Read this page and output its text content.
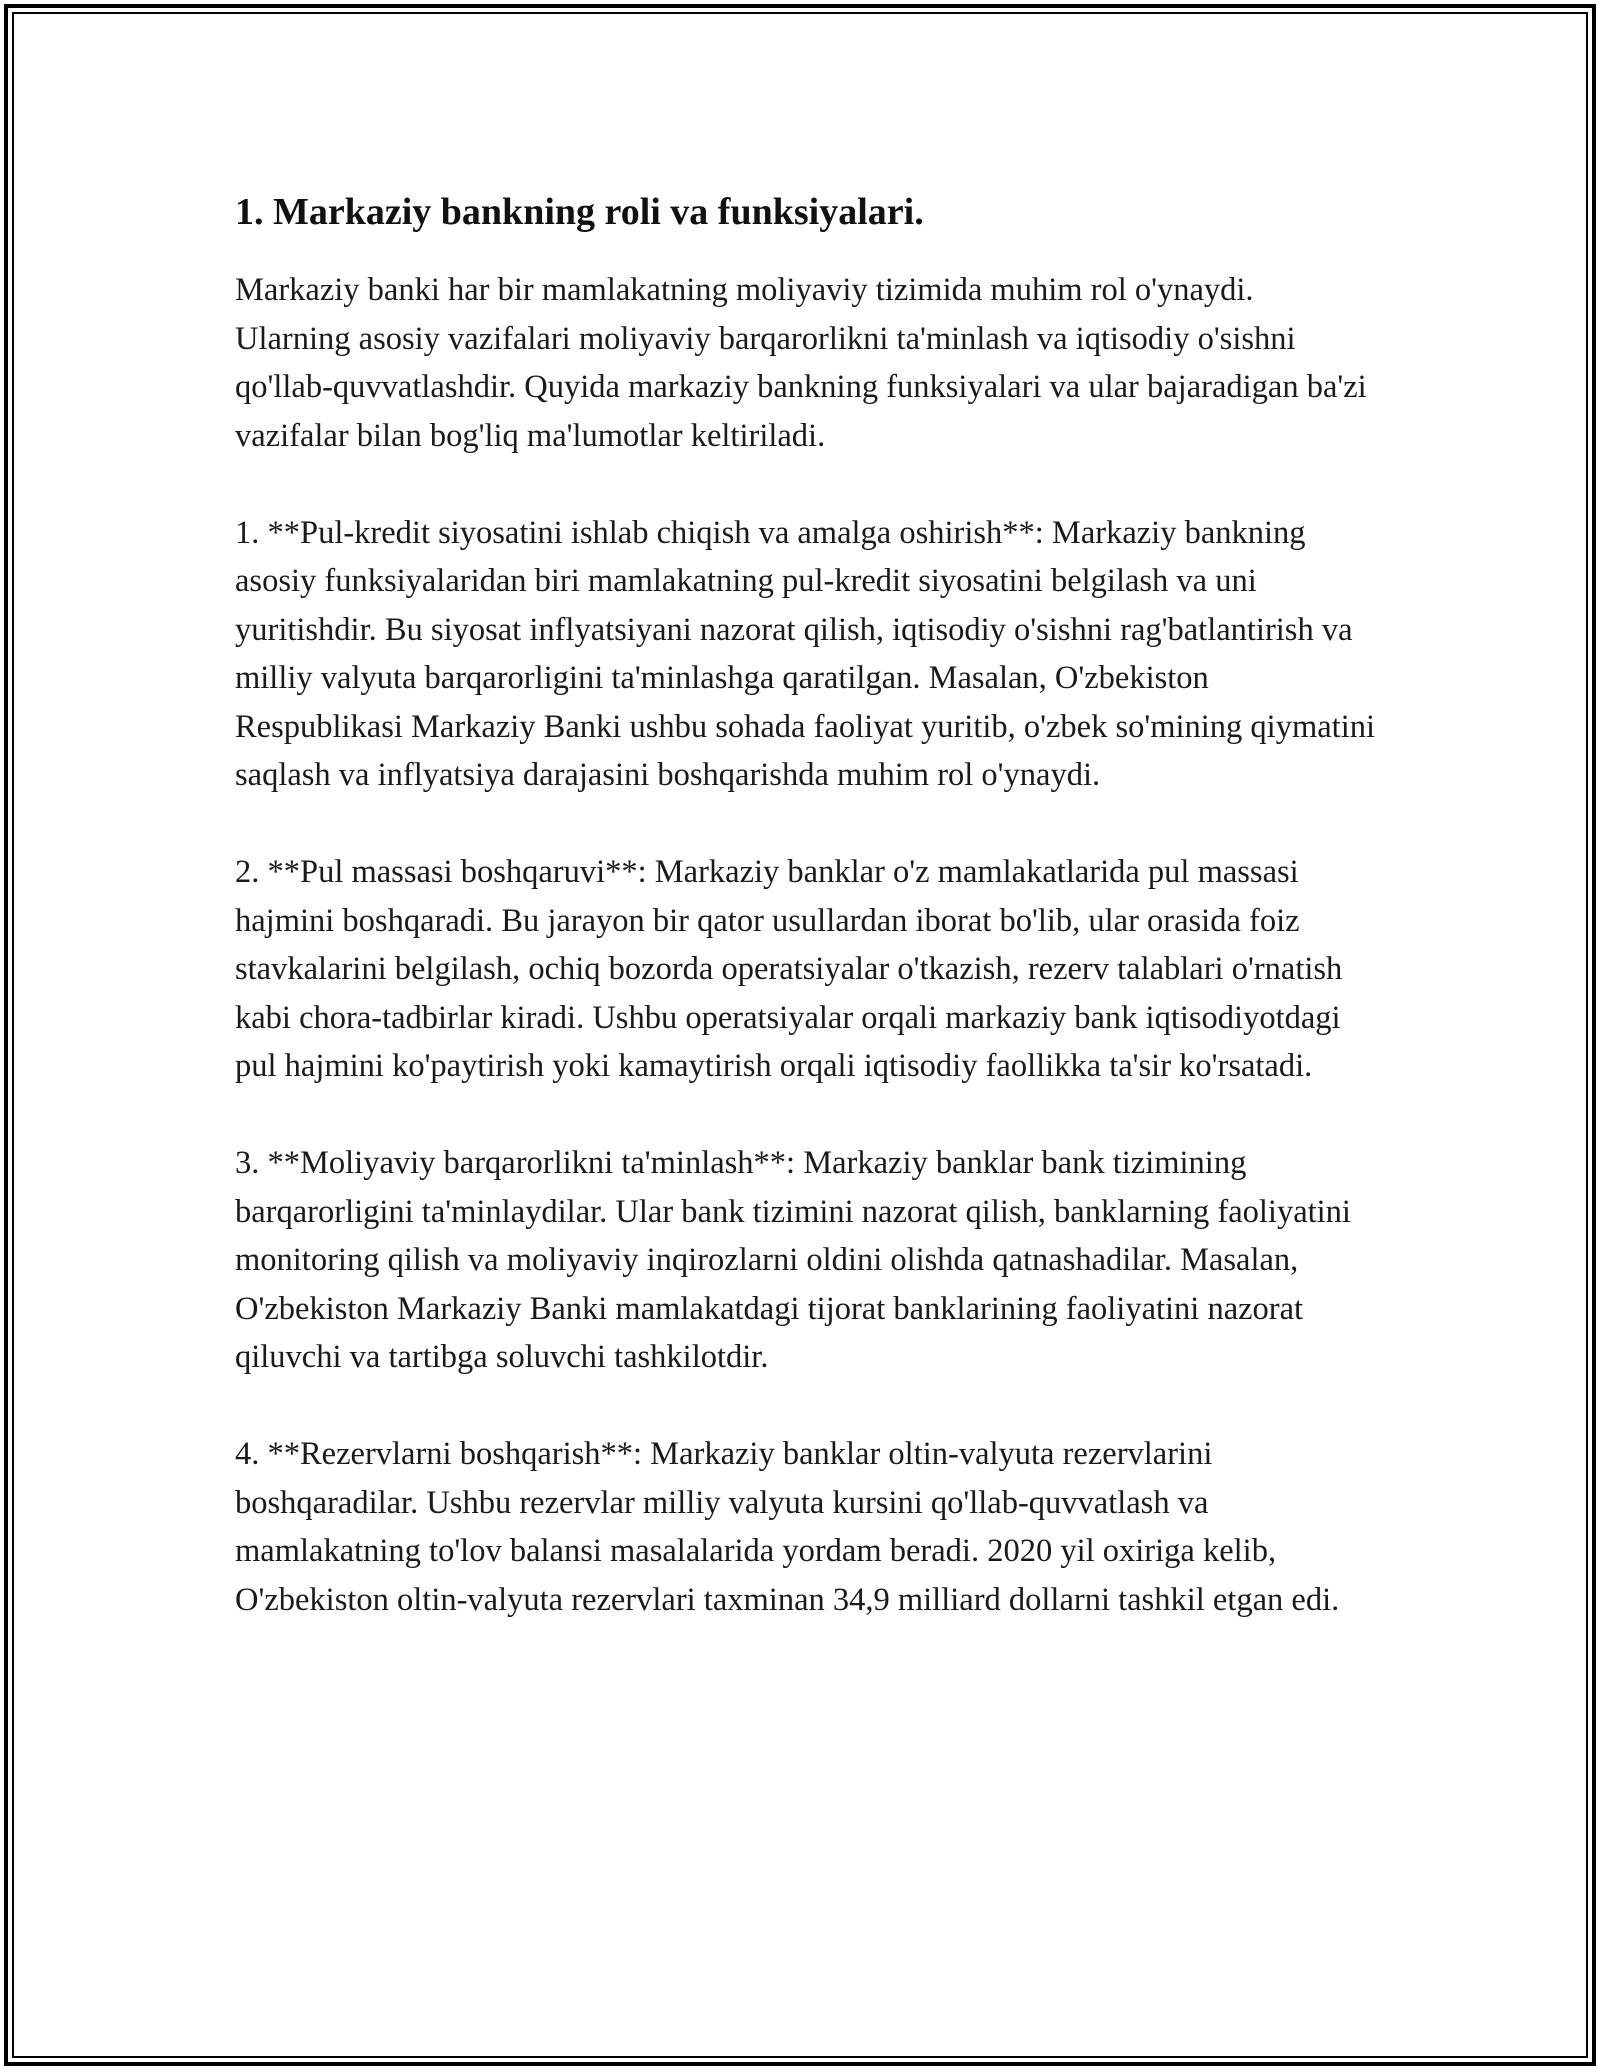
1. Markaziy bankning roli va funksiyalari.

Markaziy banki har bir mamlakatning moliyaviy tizimida muhim rol o'ynaydi. Ularning asosiy vazifalari moliyaviy barqarorlikni ta'minlash va iqtisodiy o'sishni qo'llab-quvvatlashdir. Quyida markaziy bankning funksiyalari va ular bajaradigan ba'zi vazifalar bilan bog'liq ma'lumotlar keltiriladi.

1. **Pul-kredit siyosatini ishlab chiqish va amalga oshirish**: Markaziy bankning asosiy funksiyalaridan biri mamlakatning pul-kredit siyosatini belgilash va uni yuritishdir. Bu siyosat inflyatsiyani nazorat qilish, iqtisodiy o'sishni rag'batlantirish va milliy valyuta barqarorligini ta'minlashga qaratilgan. Masalan, O'zbekiston Respublikasi Markaziy Banki ushbu sohada faoliyat yuritib, o'zbek so'mining qiymatini saqlash va inflyatsiya darajasini boshqarishda muhim rol o'ynaydi.

2. **Pul massasi boshqaruvi**: Markaziy banklar o'z mamlakatlarida pul massasi hajmini boshqaradi. Bu jarayon bir qator usullardan iborat bo'lib, ular orasida foiz stavkalarini belgilash, ochiq bozorda operatsiyalar o'tkazish, rezerv talablari o'rnatish kabi chora-tadbirlar kiradi. Ushbu operatsiyalar orqali markaziy bank iqtisodiyotdagi pul hajmini ko'paytirish yoki kamaytirish orqali iqtisodiy faollikka ta'sir ko'rsatadi.

3. **Moliyaviy barqarorlikni ta'minlash**: Markaziy banklar bank tizimining barqarorligini ta'minlaydilar. Ular bank tizimini nazorat qilish, banklarning faoliyatini monitoring qilish va moliyaviy inqirozlarni oldini olishda qatnashadilar. Masalan, O'zbekiston Markaziy Banki mamlakatdagi tijorat banklarining faoliyatini nazorat qiluvchi va tartibga soluvchi tashkilotdir.

4. **Rezervlarni boshqarish**: Markaziy banklar oltin-valyuta rezervlarini boshqaradilar. Ushbu rezervlar milliy valyuta kursini qo'llab-quvvatlash va mamlakatning to'lov balansi masalalarida yordam beradi. 2020 yil oxiriga kelib, O'zbekiston oltin-valyuta rezervlari taxminan 34,9 milliard dollarni tashkil etgan edi.
